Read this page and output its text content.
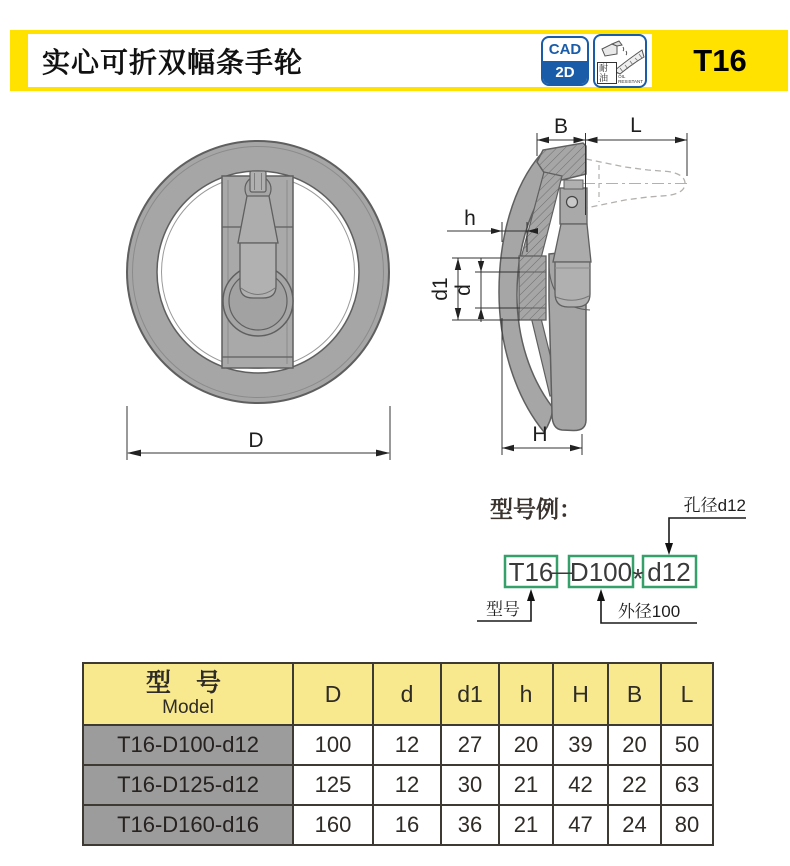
D
B	L
h
d1 d
H
型号例：
T16
—
D100 * d12
孔径d12
型号	外径100
实心可折双幅条手轮	CAD
2D	耐油	OIL RESISTANT
T16
型 号
Model	D	d	d1	h	H	B	L
T16-D100-d12	100	12	27	20	39	20	50
T16-D125-d12	125	12	30	21	42	22	63
T16-D160-d16	160	16	36	21	47	24	80
